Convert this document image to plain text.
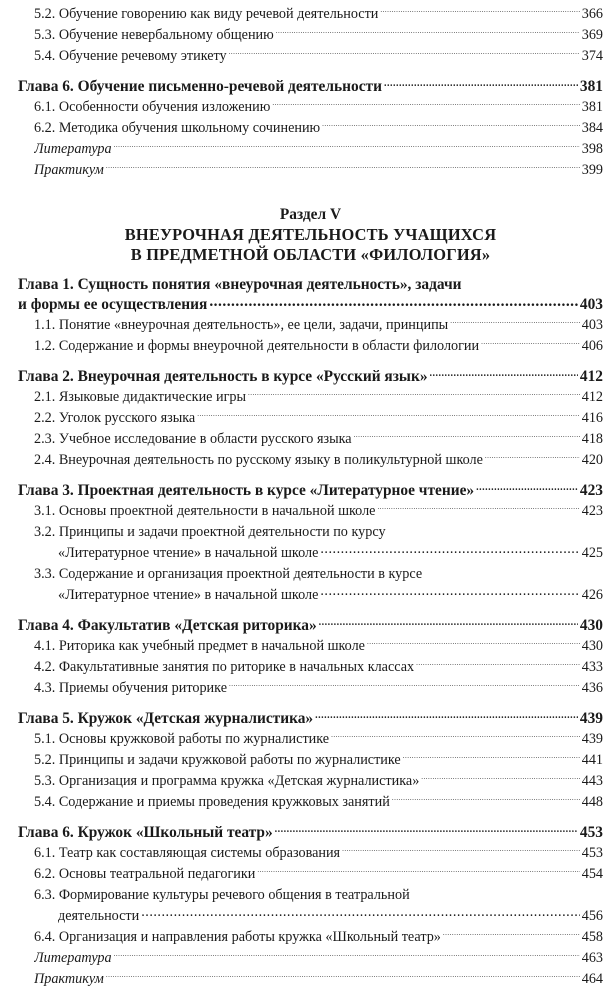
5.2. Обучение говорению как виду речевой деятельности .....	366
5.3. Обучение невербальному общению .....	369
5.4. Обучение речевому этикету .....	374
Глава 6. Обучение письменно-речевой деятельности .....	381
6.1. Особенности обучения изложению .....	381
6.2. Методика обучения школьному сочинению .....	384
Литература .....	398
Практикум .....	399
Раздел V
ВНЕУРОЧНАЯ ДЕЯТЕЛЬНОСТЬ УЧАЩИХСЯ
В ПРЕДМЕТНОЙ ОБЛАСТИ «ФИЛОЛОГИЯ»
Глава 1. Сущность понятия «внеурочная деятельность», задачи
и формы ее осуществления .....	403
1.1. Понятие «внеурочная деятельность», ее цели, задачи, принципы .....	403
1.2. Содержание и формы внеурочной деятельности в области филологии .....	406
Глава 2. Внеурочная деятельность в курсе «Русский язык» .....	412
2.1. Языковые дидактические игры .....	412
2.2. Уголок русского языка .....	416
2.3. Учебное исследование в области русского языка .....	418
2.4. Внеурочная деятельность по русскому языку в поликультурной школе .....	420
Глава 3. Проектная деятельность в курсе «Литературное чтение» .....	423
3.1. Основы проектной деятельности в начальной школе .....	423
3.2. Принципы и задачи проектной деятельности по курсу
«Литературное чтение» в начальной школе .....	425
3.3. Содержание и организация проектной деятельности в курсе
«Литературное чтение» в начальной школе .....	426
Глава 4. Факультатив «Детская риторика» .....	430
4.1. Риторика как учебный предмет в начальной школе .....	430
4.2. Факультативные занятия по риторике в начальных классах .....	433
4.3. Приемы обучения риторике .....	436
Глава 5. Кружок «Детская журналистика» .....	439
5.1. Основы кружковой работы по журналистике .....	439
5.2. Принципы и задачи кружковой работы по журналистике .....	441
5.3. Организация и программа кружка «Детская журналистика» .....	443
5.4. Содержание и приемы проведения кружковых занятий .....	448
Глава 6. Кружок «Школьный театр» .....	453
6.1. Театр как составляющая системы образования .....	453
6.2. Основы театральной педагогики .....	454
6.3. Формирование культуры речевого общения в театральной
деятельности .....	456
6.4. Организация и направления работы кружка «Школьный театр» .....	458
Литература .....	463
Практикум .....	464
